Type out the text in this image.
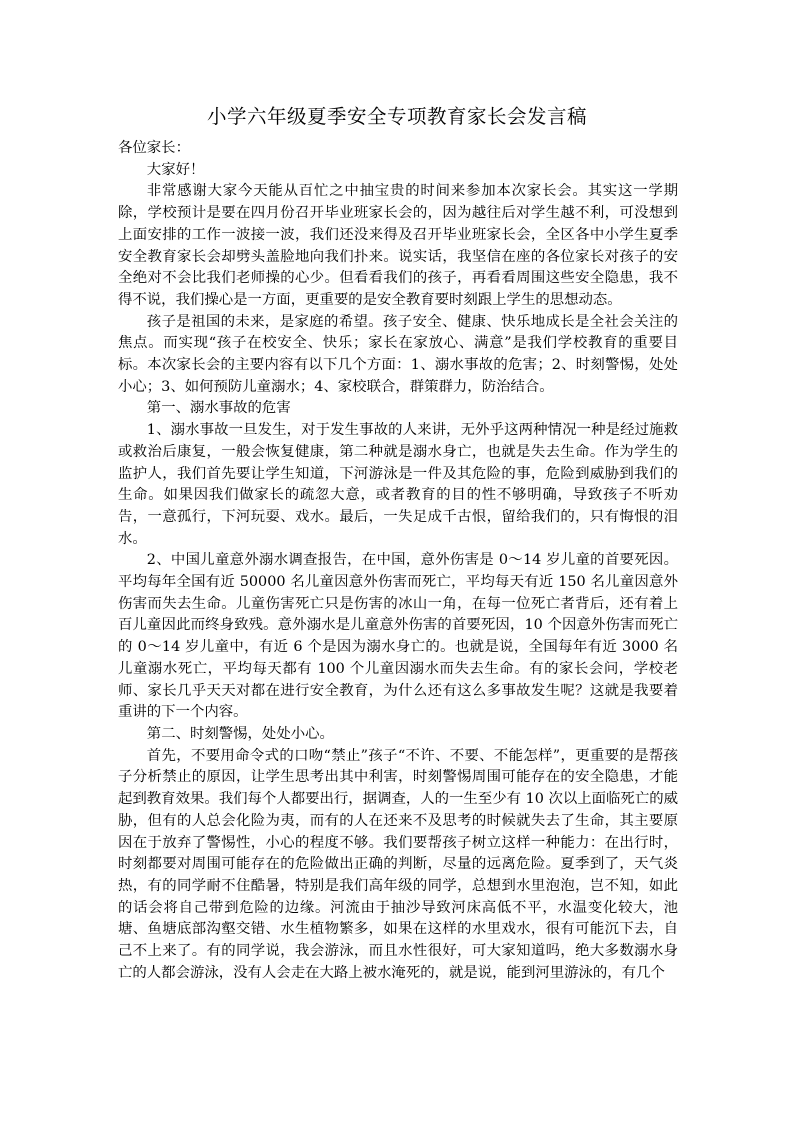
小学六年级夏季安全专项教育家长会发言稿

各位家长：

大家好！

非常感谢大家今天能从百忙之中抽宝贵的时间来参加本次家长会。其实这一学期除，学校预计是要在四月份召开毕业班家长会的，因为越往后对学生越不利，可没想到上面安排的工作一波接一波，我们还没来得及召开毕业班家长会，全区各中小学生夏季安全教育家长会却劈头盖脸地向我们扑来。说实话，我坚信在座的各位家长对孩子的安全绝对不会比我们老师操的心少。但看看我们的孩子，再看看周围这些安全隐患，我不得不说，我们操心是一方面，更重要的是安全教育要时刻跟上学生的思想动态。

孩子是祖国的未来，是家庭的希望。孩子安全、健康、快乐地成长是全社会关注的焦点。而实现“孩子在校安全、快乐；家长在家放心、满意”是我们学校教育的重要目标。本次家长会的主要内容有以下几个方面：1、溺水事故的危害；2、时刻警惕，处处小心；3、如何预防儿童溺水；4、家校联合，群策群力，防治结合。

第一、溺水事故的危害

1、溺水事故一旦发生，对于发生事故的人来讲，无外乎这两种情况一种是经过施救或救治后康复，一般会恢复健康，第二种就是溺水身亡，也就是失去生命。作为学生的监护人，我们首先要让学生知道，下河游泳是一件及其危险的事，危险到威胁到我们的生命。如果因我们做家长的疏忽大意，或者教育的目的性不够明确，导致孩子不听劝告，一意孤行，下河玩耍、戏水。最后，一失足成千古恨，留给我们的，只有悔恨的泪水。

2、中国儿童意外溺水调查报告，在中国，意外伤害是 0～14 岁儿童的首要死因。平均每年全国有近 50000 名儿童因意外伤害而死亡，平均每天有近 150 名儿童因意外伤害而失去生命。儿童伤害死亡只是伤害的冰山一角，在每一位死亡者背后，还有着上百儿童因此而终身致残。意外溺水是儿童意外伤害的首要死因，10 个因意外伤害而死亡的 0～14 岁儿童中，有近 6 个是因为溺水身亡的。也就是说，全国每年有近 3000 名儿童溺水死亡，平均每天都有 100 个儿童因溺水而失去生命。有的家长会问，学校老师、家长几乎天天对都在进行安全教育，为什么还有这么多事故发生呢？这就是我要着重讲的下一个内容。

第二、时刻警惕，处处小心。

首先，不要用命令式的口吻“禁止”孩子“不许、不要、不能怎样”，更重要的是帮孩子分析禁止的原因，让学生思考出其中利害，时刻警惕周围可能存在的安全隐患，才能起到教育效果。我们每个人都要出行，据调查，人的一生至少有 10 次以上面临死亡的威胁，但有的人总会化险为夷，而有的人在还来不及思考的时候就失去了生命，其主要原因在于放弃了警惕性，小心的程度不够。我们要帮孩子树立这样一种能力：在出行时，时刻都要对周围可能存在的危险做出正确的判断，尽量的远离危险。夏季到了，天气炎热，有的同学耐不住酷暑，特别是我们高年级的同学，总想到水里泡泡，岂不知，如此的话会将自己带到危险的边缘。河流由于抽沙导致河床高低不平，水温变化较大，池塘、鱼塘底部沟壑交错、水生植物繁多，如果在这样的水里戏水，很有可能沉下去，自己不上来了。有的同学说，我会游泳，而且水性很好，可大家知道吗，绝大多数溺水身亡的人都会游泳，没有人会走在大路上被水淹死的，就是说，能到河里游泳的，有几个
